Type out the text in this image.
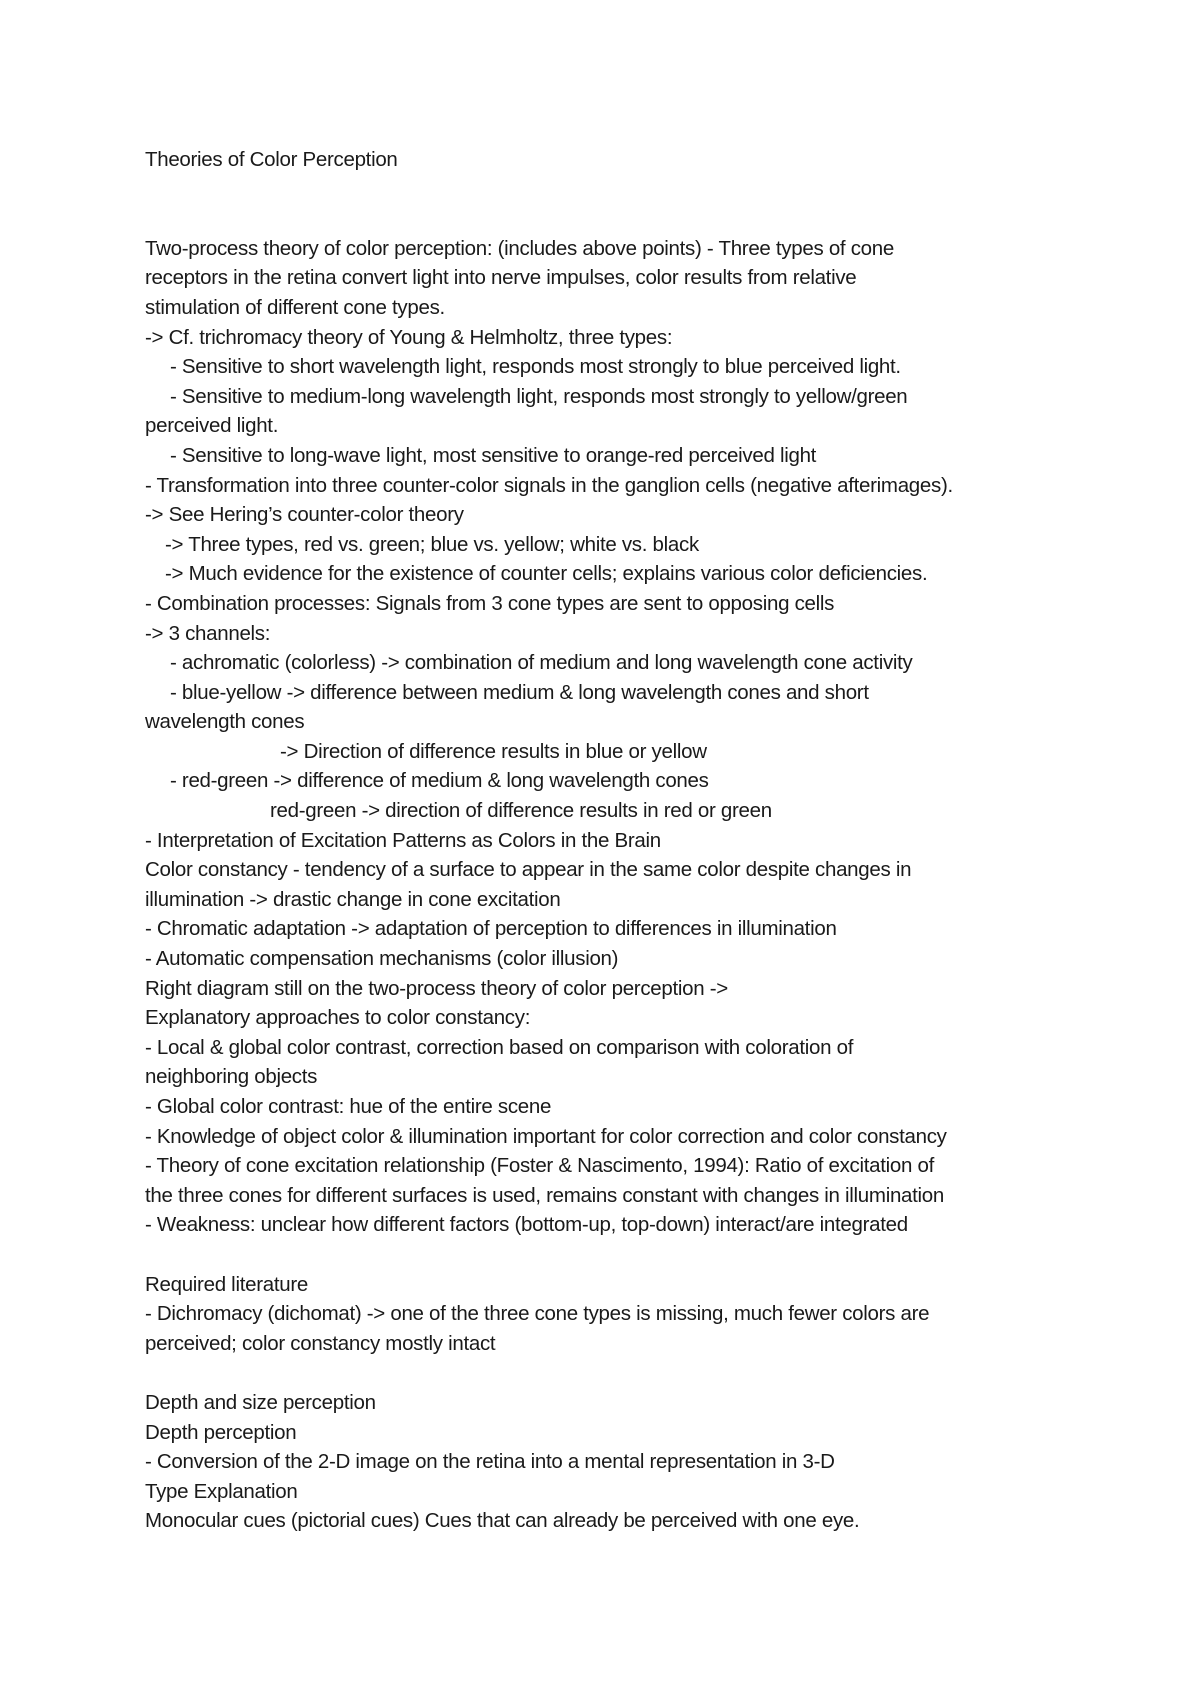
Theories of Color Perception
Two-process theory of color perception: (includes above points) - Three types of cone
receptors in the retina convert light into nerve impulses, color results from relative
stimulation of different cone types.
-> Cf. trichromacy theory of Young & Helmholtz, three types:
- Sensitive to short wavelength light, responds most strongly to blue perceived light.
- Sensitive to medium-long wavelength light, responds most strongly to yellow/green
perceived light.
- Sensitive to long-wave light, most sensitive to orange-red perceived light
- Transformation into three counter-color signals in the ganglion cells (negative afterimages).
-> See Hering’s counter-color theory
-> Three types, red vs. green; blue vs. yellow; white vs. black
-> Much evidence for the existence of counter cells; explains various color deficiencies.
- Combination processes: Signals from 3 cone types are sent to opposing cells
-> 3 channels:
- achromatic (colorless) -> combination of medium and long wavelength cone activity
- blue-yellow -> difference between medium & long wavelength cones and short
wavelength cones
-> Direction of difference results in blue or yellow
- red-green -> difference of medium & long wavelength cones
red-green -> direction of difference results in red or green
- Interpretation of Excitation Patterns as Colors in the Brain
Color constancy - tendency of a surface to appear in the same color despite changes in
illumination -> drastic change in cone excitation
- Chromatic adaptation -> adaptation of perception to differences in illumination
- Automatic compensation mechanisms (color illusion)
Right diagram still on the two-process theory of color perception ->
Explanatory approaches to color constancy:
- Local & global color contrast, correction based on comparison with coloration of
neighboring objects
- Global color contrast: hue of the entire scene
- Knowledge of object color & illumination important for color correction and color constancy
- Theory of cone excitation relationship (Foster & Nascimento, 1994): Ratio of excitation of
the three cones for different surfaces is used, remains constant with changes in illumination
- Weakness: unclear how different factors (bottom-up, top-down) interact/are integrated
Required literature
- Dichromacy (dichomat) -> one of the three cone types is missing, much fewer colors are
perceived; color constancy mostly intact
Depth and size perception
Depth perception
- Conversion of the 2-D image on the retina into a mental representation in 3-D
Type Explanation
Monocular cues (pictorial cues) Cues that can already be perceived with one eye.
